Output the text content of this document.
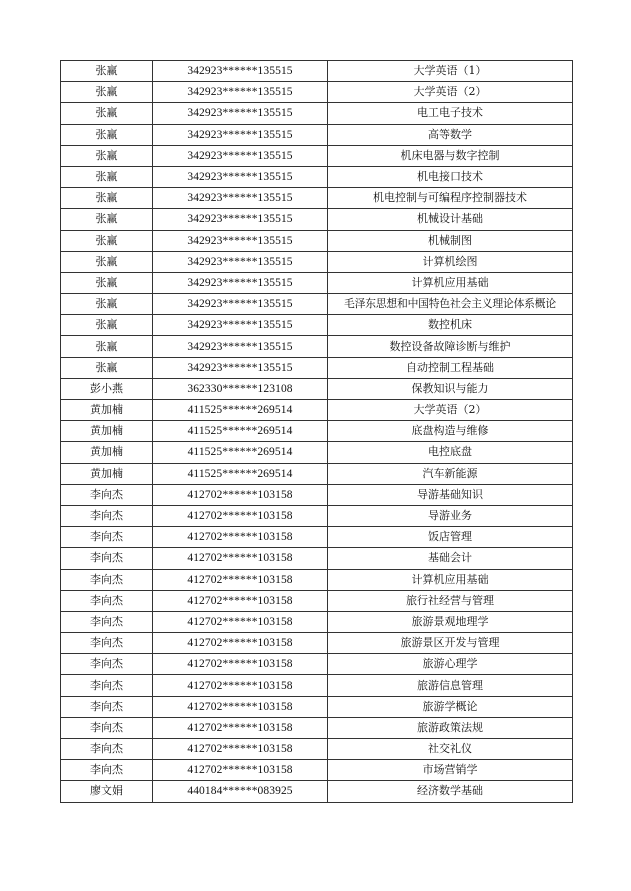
张赢	342923******135515	大学英语（1）
张赢	342923******135515	大学英语（2）
张赢	342923******135515	电工电子技术
张赢	342923******135515	高等数学
张赢	342923******135515	机床电器与数字控制
张赢	342923******135515	机电接口技术
张赢	342923******135515	机电控制与可编程序控制器技术
张赢	342923******135515	机械设计基础
张赢	342923******135515	机械制图
张赢	342923******135515	计算机绘图
张赢	342923******135515	计算机应用基础
张赢	342923******135515	毛泽东思想和中国特色社会主义理论体系概论
张赢	342923******135515	数控机床
张赢	342923******135515	数控设备故障诊断与维护
张赢	342923******135515	自动控制工程基础
彭小燕	362330******123108	保教知识与能力
黄加楠	411525******269514	大学英语（2）
黄加楠	411525******269514	底盘构造与维修
黄加楠	411525******269514	电控底盘
黄加楠	411525******269514	汽车新能源
李向杰	412702******103158	导游基础知识
李向杰	412702******103158	导游业务
李向杰	412702******103158	饭店管理
李向杰	412702******103158	基础会计
李向杰	412702******103158	计算机应用基础
李向杰	412702******103158	旅行社经营与管理
李向杰	412702******103158	旅游景观地理学
李向杰	412702******103158	旅游景区开发与管理
李向杰	412702******103158	旅游心理学
李向杰	412702******103158	旅游信息管理
李向杰	412702******103158	旅游学概论
李向杰	412702******103158	旅游政策法规
李向杰	412702******103158	社交礼仪
李向杰	412702******103158	市场营销学
廖文娟	440184******083925	经济数学基础
